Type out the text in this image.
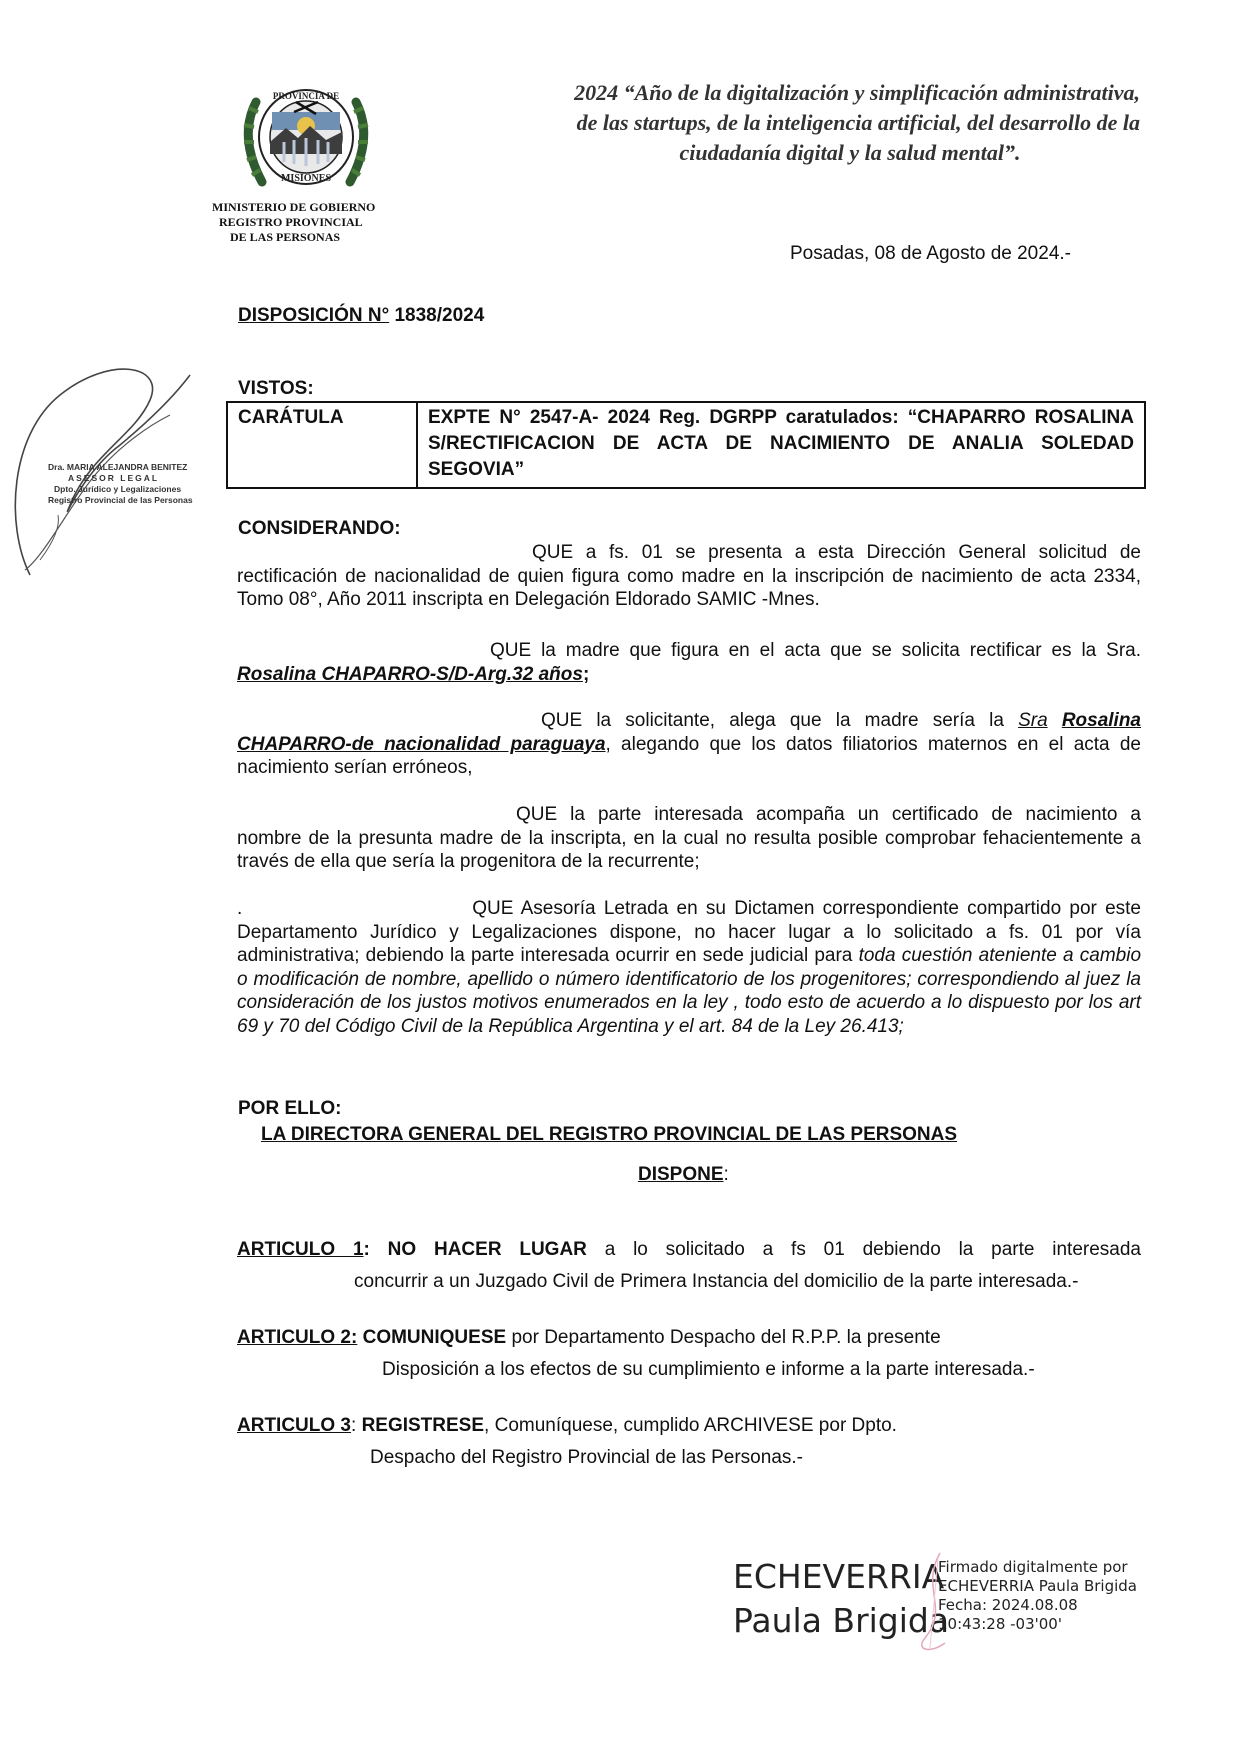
PROVINCIA DE
MISIONES
MINISTERIO DE GOBIERNO
REGISTRO PROVINCIAL
DE LAS PERSONAS
2024 “Año de la digitalización y simplificación administrativa,
de las startups, de la inteligencia artificial, del desarrollo de la
ciudadanía digital y la salud mental”.
Posadas, 08 de Agosto de 2024.-
DISPOSICIÓN N° 1838/2024
Dra. MARIA ALEJANDRA BENITEZ
ASESOR LEGAL
Dpto. Jurídico y Legalizaciones
Registro Provincial de las Personas
VISTOS:
CARÁTULA	EXPTE N° 2547-A- 2024 Reg. DGRPP caratulados: “CHAPARRO ROSALINA S/RECTIFICACION DE ACTA DE NACIMIENTO DE ANALIA SOLEDAD SEGOVIA”
CONSIDERANDO:
QUE a fs. 01 se presenta a esta Dirección General solicitud de rectificación de nacionalidad de quien figura como madre en la inscripción de nacimiento de acta 2334, Tomo 08°, Año 2011 inscripta en Delegación Eldorado SAMIC -Mnes.
QUE la madre que figura en el acta que se solicita rectificar es la Sra. Rosalina CHAPARRO-S/D-Arg.32 años;
QUE la solicitante, alega que la madre sería la Sra Rosalina CHAPARRO-de nacionalidad paraguaya, alegando que los datos filiatorios maternos en el acta de nacimiento serían erróneos,
QUE la parte interesada acompaña un certificado de nacimiento a nombre de la presunta madre de la inscripta, en la cual no resulta posible comprobar fehacientemente a través de ella que sería la progenitora de la recurrente;
.	QUE Asesoría Letrada en su Dictamen correspondiente compartido por este Departamento Jurídico y Legalizaciones dispone, no hacer lugar a lo solicitado a fs. 01 por vía administrativa; debiendo la parte interesada ocurrir en sede judicial para toda cuestión ateniente a cambio o modificación de nombre, apellido o número identificatorio de los progenitores; correspondiendo al juez la consideración de los justos motivos enumerados en la ley , todo esto de acuerdo a lo dispuesto por los art 69 y 70 del Código Civil de la República Argentina y el art. 84 de la Ley 26.413;
POR ELLO:
LA DIRECTORA GENERAL DEL REGISTRO PROVINCIAL DE LAS PERSONAS
DISPONE:
ARTICULO 1: NO HACER LUGAR a lo solicitado a fs 01 debiendo la parte interesada
concurrir a un Juzgado Civil de Primera Instancia del domicilio de la parte interesada.-
ARTICULO 2: COMUNIQUESE por Departamento Despacho del R.P.P. la presente
Disposición a los efectos de su cumplimiento e informe a la parte interesada.-
ARTICULO 3: REGISTRESE, Comuníquese, cumplido ARCHIVESE por Dpto.
Despacho del Registro Provincial de las Personas.-
ECHEVERRIA
Paula Brigida
Firmado digitalmente por
ECHEVERRIA Paula Brigida
Fecha: 2024.08.08
10:43:28 -03'00'
